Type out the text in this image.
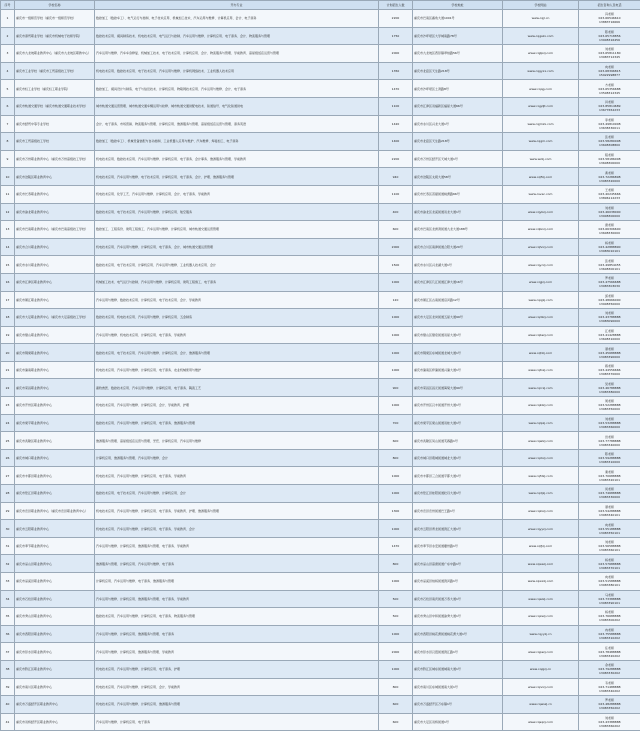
序号	学校名称	开办专业	计划招生人数	学校地址	学校网站	招生咨询人及电话

1	重庆市一级师范学校（重庆市一级师范学校）	数控加工（数控车工）、电气运行与控制、电子技术应用、机械加工技术、汽车运用与维修、计算机应用、会计、电子商务	2200	重庆市巴南区鹿角大道1001号	www.cqjl.cn	冯老师
023-66546610
13883716666

2	重庆市商贸职业学校（重庆市机械电子技师学院）	数控技术应用、模具制造技术、机电技术应用、电气运行与控制、汽车运用与维修、计算机应用、电子商务、会计、物流服务与管理	1750	重庆市沙坪坝区大学城南路78号	www.cqgszx.com	陈老师
023-65718856
13908316456

3	重庆市九龙坡职业教育中心（重庆市九龙坡区职教中心）	汽车运用与维修、汽车车身修复、机械加工技术、电子技术应用、计算机应用、会计、物流服务与管理、学前教育、高星级饭店运营与管理	2000	重庆市九龙坡区西彭镇翠柏路56号	www.cqjlpzj.com	刘老师
023-65811180
13983712345

4	重庆市工业学校（重庆市工贸高级技工学校）	机电技术应用、数控技术应用、电子技术应用、汽车运用与维修、计算机网络技术、工业机器人技术应用	1350	重庆市北碚区天生路218号	www.cqgyxx.com	向老师
023-68396815
15922998877

5	重庆市轻工业学校（重庆轻工职业学院）	数控加工、模具设计与制造、电子与信息技术、计算机应用、物联网技术应用、汽车运用与维修、会计、电子商务	1470	重庆市沙坪坝区土湾路8号	www.cqqg.com	方老师
023-65356688
13508312345

6	重庆市轨道交通学校（重庆市轨道交通职业技术学校）	城市轨道交通运营管理、城市轨道交通车辆运用与检修、城市轨道交通供配电技术、铁道信号、电气化铁道供电	1100	重庆市江津区双福新区福星大道66号	www.cqgdjt.com	肖老师
023-85814689
13677652233

7	重庆市经贸中等专业学校	会计、电子商务、市场营销、物流服务与管理、计算机应用、旅游服务与管理、高星级饭店运营与管理、商务英语	1420	重庆市永川区兴龙大道1号	www.cqjmzx.com	李老师
023-49810908
13638330011

8	重庆市工贸高级技工学校	数控加工（数控车工）、机械设备装配与自动控制、工业机器人应用与维护、汽车维修、焊接加工、电子商务	1400	重庆市北碚区天生路218号	www.cqgm.com	张老师
023-58280008
13608308800

9	重庆市万州职业教育中心（重庆市万州高级技工学校）	机电技术应用、数控技术应用、汽车运用与维修、计算机应用、电子商务、会计事务、旅游服务与管理、学前教育	2200	重庆市万州区经开区天城大道1号	www.wzzj.com	程老师
023-58186008
13608300000

10	重庆市涪陵区职业教育中心	机电技术应用、汽车运用与维修、电子技术应用、计算机应用、电子商务、会计、护理、旅游服务与管理	940	重庆市涪陵区太极大道58号	www.cqflzj.com	黄老师
023-72286898
13983320000

11	重庆市长寿职业教育中心	机电技术应用、化学工艺、汽车运用与维修、计算机应用、会计、电子商务、学前教育	1100	重庆市长寿区菩提街道桃源路66号	www.csvec.com	王老师
023-40245666
13896112233

12	重庆市渝北职业教育中心	数控技术应用、电子技术应用、汽车运用与维修、计算机应用、航空服务	400	重庆市渝北区龙溪街道双龙大道1号	www.cqybzj.com	刘老师
023-46038000
13908300000

13	重庆市巴南职业教育中心（重庆市巴南高级技工学校）	数控加工、工程造价、建筑工程施工、汽车运用与维修、计算机应用、城市轨道交通运营管理	600	重庆市巴南区龙洲湾街道九龙大道188号	www.cqbnzj.com	唐老师
023-66306600
13608330000

14	重庆市合川职业教育中心	机电技术应用、汽车运用与维修、计算机应用、电子商务、会计、城市轨道交通运营管理	2000	重庆市合川区南津街道合阳大道20号	www.cqhczj.com	杨老师
023-42888890
13983010101

15	重庆市永川职业教育中心	数控技术应用、电子技术应用、计算机应用、汽车运用与维修、工业机器人技术应用、会计	1500	重庆市永川区兴龙湖大道1号	www.cqyczj.com	张老师
023-49854455
13608300101

16	重庆市江津区职业教育中心	机械加工技术、电气运行与控制、汽车运用与维修、计算机应用、建筑工程施工、电子商务	1000	重庆市江津区几江街道江津大道16号	www.cqjjzj.com	罗老师
023-47566688
13983303030

17	重庆市綦江职业教育中心	汽车运用与维修、数控技术应用、计算机应用、电子技术应用、会计、学前教育	120	重庆市綦江区古南街道沿河路12号	www.cqqjzj.com	邱老师
023-48666000
13908350000

18	重庆市大足职业教育中心（重庆市大足高级技工学校）	数控技术应用、机电技术应用、汽车运用与维修、计算机应用、五金制造	1000	重庆市大足区龙岗街道五星大道99号	www.cqdzzj.com	刘老师
023-43788888
13983090000

19	重庆市璧山职业教育中心	汽车运用与维修、机电技术应用、计算机应用、电子商务、学前教育	1000	重庆市璧山区璧泉街道双星大道1号	www.cqbszj.com	江老师
023-41428888
13608310000

20	重庆市铜梁职业教育中心	数控技术应用、电子技术应用、汽车运用与维修、计算机应用、会计、旅游服务与管理	1000	重庆市铜梁区东城街道龙城大道1号	www.cqtlzj.com	谭老师
023-45688888
13983390000

21	重庆市潼南职业教育中心	机电技术应用、汽车运用与维修、计算机应用、电子商务、农业机械使用与维护	1000	重庆市潼南区梓潼街道兴潼大道1号	www.cqtnzj.com	蒋老师
023-44556666
13983370000

22	重庆市荣昌职业教育中心	畜牧兽医、数控技术应用、汽车运用与维修、计算机应用、电子商务、陶瓷工艺	900	重庆市荣昌区昌元街道海棠大道99号	www.cqrczj.com	吴老师
023-46788888
13983380000

23	重庆市开州区职业教育中心	机电技术应用、汽车运用与维修、计算机应用、会计、学前教育、护理	1000	重庆市开州区汉丰街道开州大道1号	www.cqkzzj.com	周老师
023-52288888
13983350000

24	重庆市梁平职业教育中心	数控技术应用、汽车运用与维修、计算机应用、电子商务、旅游服务与管理	700	重庆市梁平区梁山街道双桂大道1号	www.cqlpzj.com	刘老师
023-53288888
13983360000

25	重庆市武隆区职业教育中心	旅游服务与管理、高星级饭店运营与管理、烹饪、计算机应用、汽车运用与维修	600	重庆市武隆区凤山街道芙蓉路1号	www.cqwlzj.com	田老师
023-77788888
13983340000

26	重庆市城口职业教育中心	计算机应用、旅游服务与管理、汽车运用与维修、会计	800	重庆市城口县葛城街道城北大道1号	www.cqckzj.com	陈老师
023-59288888
13983310000

27	重庆市丰都县职业教育中心	机电技术应用、汽车运用与维修、计算机应用、电子商务、学前教育	1000	重庆市丰都县三合街道平都大道1号	www.cqfdzj.com	秦老师
023-70688888
13983320101

28	重庆市垫江县职业教育中心	数控技术应用、电子技术应用、汽车运用与维修、计算机应用、会计	1000	重庆市垫江县桂阳街道牡丹大道1号	www.cqdjzj.com	何老师
023-74688888
13983330000

29	重庆市忠县职业教育中心（重庆市忠县职业教育中心）	机电技术应用、汽车运用与维修、计算机应用、电子商务、学前教育、护理、旅游服务与管理	1300	重庆市忠县忠州街道巴王路1号	www.cqzxzj.com	谭老师
023-54288888
13983340101

30	重庆市云阳职业教育中心	机电技术应用、汽车运用与维修、计算机应用、电子商务、学前教育、会计	1000	重庆市云阳县青龙街道滨江大道1号	www.cqyyzj.com	向老师
023-55188888
13983350101

31	重庆市奉节职业教育中心	汽车运用与维修、计算机应用、旅游服务与管理、电子商务、学前教育	1470	重庆市奉节县永安街道夔州路1号	www.cqfjzj.com	刘老师
023-56588888
13983360101

32	重庆市巫山县职业教育中心	旅游服务与管理、计算机应用、汽车运用与维修、电子商务	800	重庆市巫山县高唐街道广东中路1号	www.cqwszj.com	杨老师
023-57688888
13983370101

33	重庆市巫溪县职业教育中心	计算机应用、汽车运用与维修、电子商务、旅游服务与管理	1000	重庆市巫溪县柏杨街道滨河路1号	www.cqwxzj.com	向老师
023-51588888
13983380101

34	重庆市石柱县职业教育中心	汽车运用与维修、计算机应用、旅游服务与管理、电子商务、学前教育	500	重庆市石柱县南宾街道万寿大道1号	www.cqszzj.com	马老师
023-73388888
13983390101

35	重庆市秀山县职业教育中心	数控技术应用、汽车运用与维修、计算机应用、电子商务、物流服务与管理	500	重庆市秀山县中和街道渝秀大道1号	www.cqxszj.com	杨老师
023-76688888
13983300202

36	重庆市酉阳县职业教育中心	汽车运用与维修、计算机应用、旅游服务与管理、电子商务	1000	重庆市酉阳县桃花源街道桃花源大道1号	www.cqyyzj.cn	冉老师
023-75588888
13983310202

37	重庆市彭水县职业教育中心	汽车运用与维修、计算机应用、旅游服务与管理、学前教育	2000	重庆市彭水县汉葭街道滨江路1号	www.cqpszj.com	任老师
023-78488888
13983320202

38	重庆市黔江区职业教育中心	机电技术应用、汽车运用与维修、计算机应用、电子商务、护理	1000	重庆市黔江区城东街道城南大道1号	www.cqqjzj.cn	余老师
023-79288888
13983330202

39	重庆市南川区职业教育中心	机电技术应用、汽车运用与维修、计算机应用、会计、学前教育	800	重庆市南川区东城街道南大街1号	www.cqnczj.com	韦老师
023-71488888
13983340202

40	重庆市万盛经开区职业教育中心	机电技术应用、汽车运用与维修、计算机应用、旅游服务与管理	600	重庆市万盛经开区万东镇1号	www.cqwszj.cn	罗老师
023-48288888
13983350202

41	重庆市双桥经开区职业教育中心	汽车运用与维修、计算机应用、电子商务	600	重庆市大足区双桥街道1号	www.cqsqzj.com	刘老师
023-43388888
13983360202
